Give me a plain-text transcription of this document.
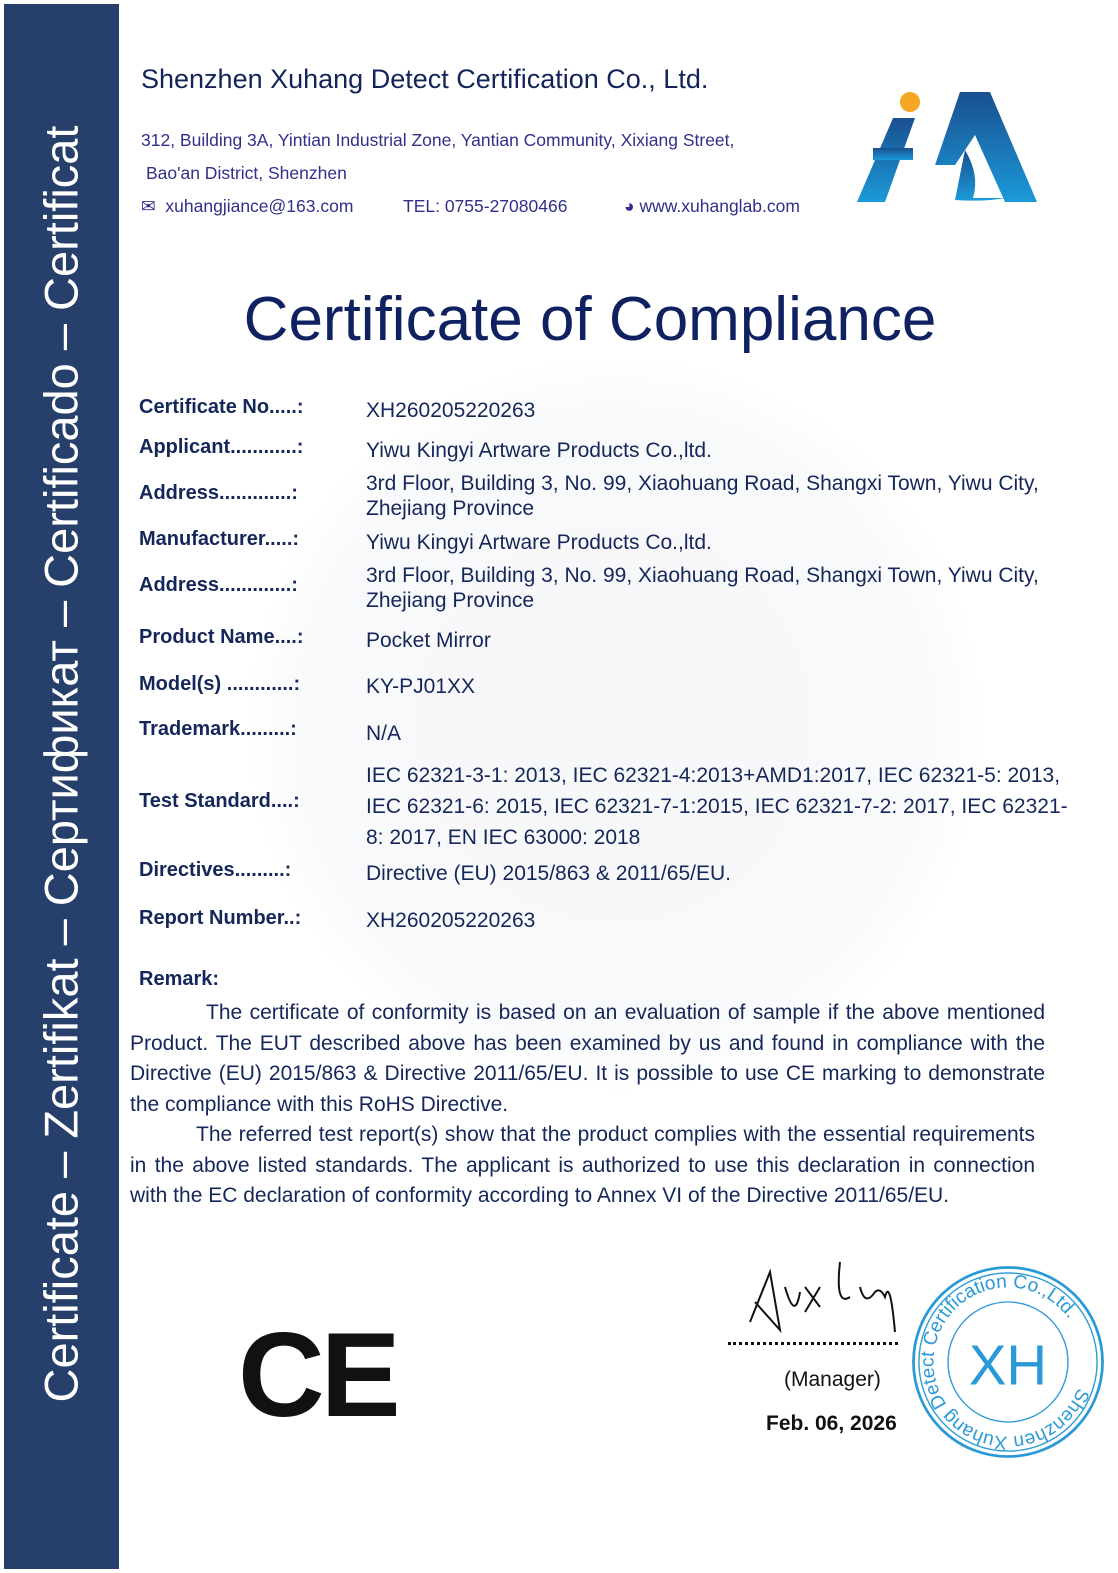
Certificate – Zertifikat – Сертификат – Certificado – Certificat
Shenzhen Xuhang Detect Certification Co., Ltd.
312, Building 3A, Yintian Industrial Zone, Yantian Community, Xixiang Street,
Bao'an District, Shenzhen
✉ xuhangjiance@163.com	TEL: 0755-27080466	◕ www.xuhanglab.com
Certificate of Compliance
Certificate No.....:	XH260205220263
Applicant............:	Yiwu Kingyi Artware Products Co.,ltd.
Address.............:	3rd Floor, Building 3, No. 99, Xiaohuang Road, Shangxi Town, Yiwu City, Zhejiang Province
Manufacturer.....:	Yiwu Kingyi Artware Products Co.,ltd.
Address.............:	3rd Floor, Building 3, No. 99, Xiaohuang Road, Shangxi Town, Yiwu City, Zhejiang Province
Product Name....:	Pocket Mirror
Model(s) ............:	KY-PJ01XX
Trademark.........:	N/A
Test Standard....:
IEC 62321-3-1: 2013, IEC 62321-4:2013+AMD1:2017, IEC 62321-5: 2013, IEC 62321-6: 2015, IEC 62321-7-1:2015, IEC 62321-7-2: 2017, IEC 62321-8: 2017, EN IEC 63000: 2018
Directives.........:	Directive (EU) 2015/863 & 2011/65/EU.
Report Number..:	XH260205220263
Remark:
The certificate of conformity is based on an evaluation of sample if the above mentioned Product. The EUT described above has been examined by us and found in compliance with the Directive (EU) 2015/863 & Directive 2011/65/EU. It is possible to use CE marking to demonstrate the compliance with this RoHS Directive.
The referred test report(s) show that the product complies with the essential requirements in the above listed standards. The applicant is authorized to use this declaration in connection with the EC declaration of conformity according to Annex VI of the Directive 2011/65/EU.
CE	Shenzhen Xuhang Detect Certification Co.,Ltd.
XH
(Manager)
Feb. 06, 2026
